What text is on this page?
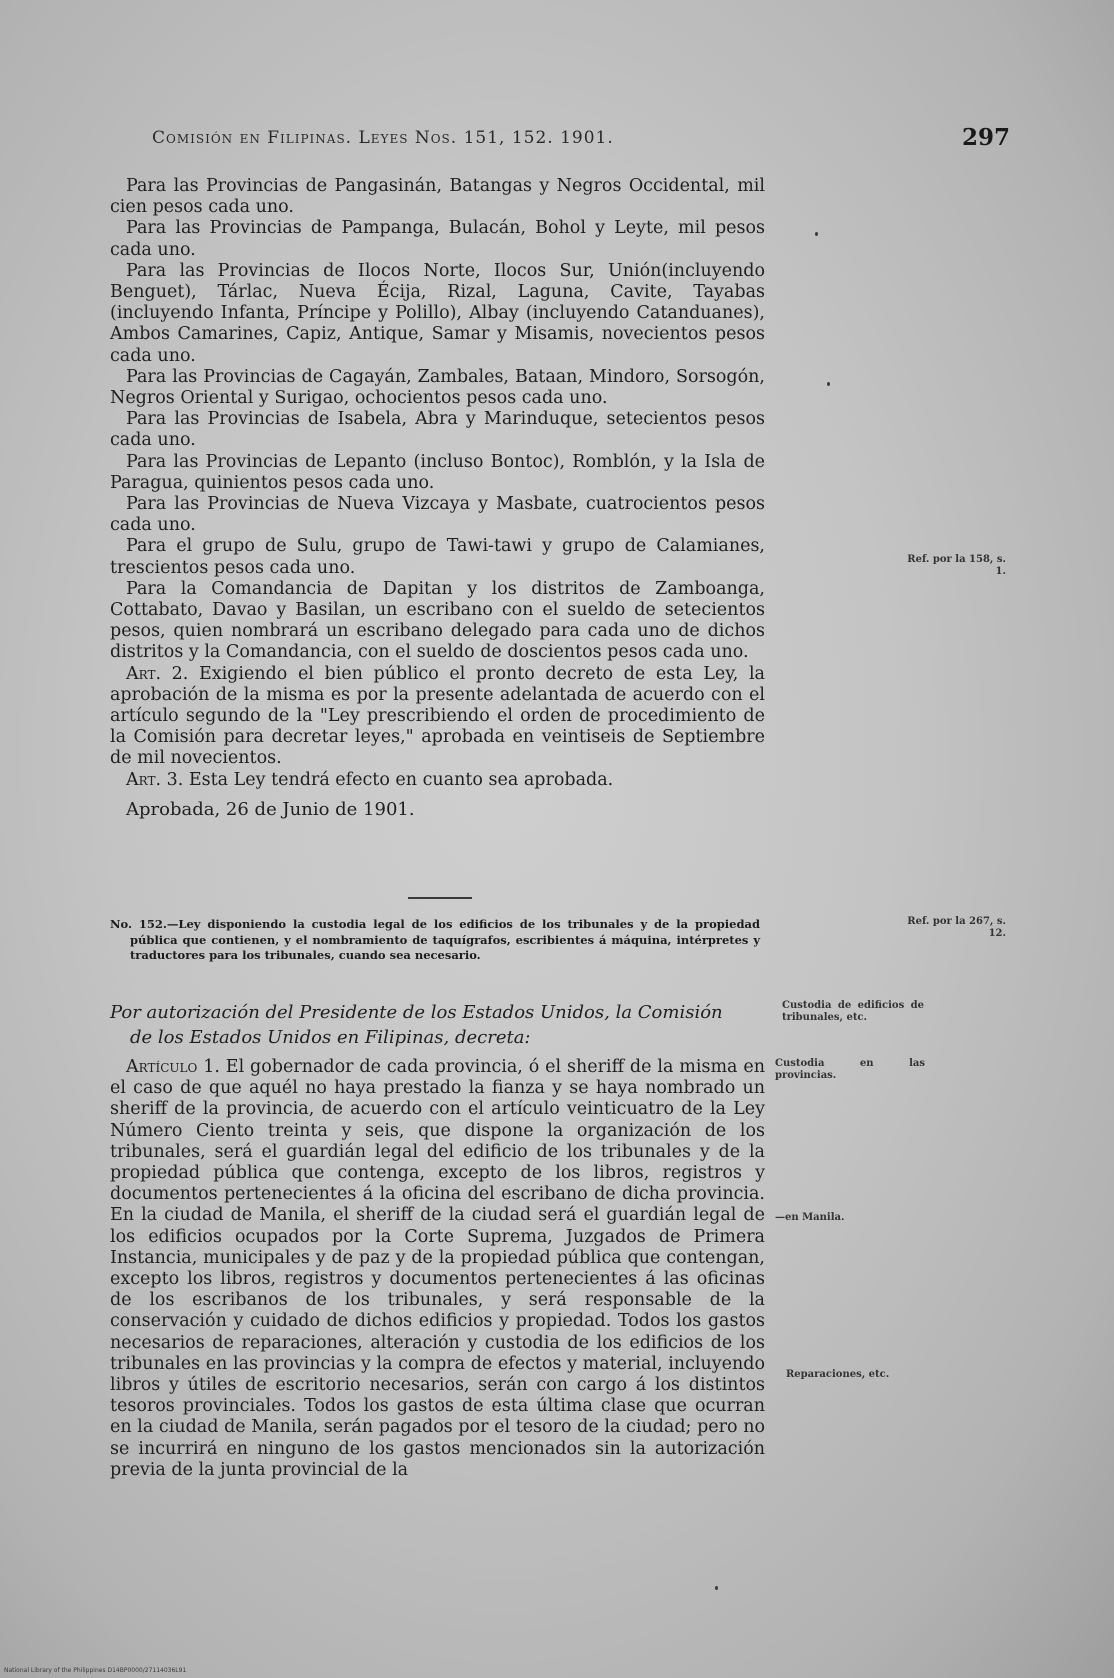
Comisión en Filipinas. Leyes Nos. 151, 152. 1901.	297

Para las Provincias de Pangasinán, Batangas y Negros Occidental, mil cien pesos cada uno.

Para las Provincias de Pampanga, Bulacán, Bohol y Leyte, mil pesos cada uno.

Para las Provincias de Ilocos Norte, Ilocos Sur, Unión(incluyendo Benguet), Tárlac, Nueva Écija, Rizal, Laguna, Cavite, Tayabas (incluyendo Infanta, Príncipe y Polillo), Albay (incluyendo Catanduanes), Ambos Camarines, Capiz, Antique, Samar y Misamis, novecientos pesos cada uno.

Para las Provincias de Cagayán, Zambales, Bataan, Mindoro, Sorsogón, Negros Oriental y Surigao, ochocientos pesos cada uno.

Para las Provincias de Isabela, Abra y Marinduque, setecientos pesos cada uno.

Para las Provincias de Lepanto (incluso Bontoc), Romblón, y la Isla de Paragua, quinientos pesos cada uno.

Para las Provincias de Nueva Vizcaya y Masbate, cuatrocientos pesos cada uno.

Para el grupo de Sulu, grupo de Tawi-tawi y grupo de Calamianes, trescientos pesos cada uno.

Para la Comandancia de Dapitan y los distritos de Zamboanga, Cottabato, Davao y Basilan, un escribano con el sueldo de setecientos pesos, quien nombrará un escribano delegado para cada uno de dichos distritos y la Comandancia, con el sueldo de doscientos pesos cada uno.

Art. 2. Exigiendo el bien público el pronto decreto de esta Ley, la aprobación de la misma es por la presente adelantada de acuerdo con el artículo segundo de la "Ley prescribiendo el orden de procedimiento de la Comisión para decretar leyes," aprobada en veintiseis de Septiembre de mil novecientos.

Art. 3. Esta Ley tendrá efecto en cuanto sea aprobada.

Aprobada, 26 de Junio de 1901.

No. 152.—Ley disponiendo la custodia legal de los edificios de los tribunales y de la propiedad pública que contienen, y el nombramiento de taquígrafos, escribientes á máquina, intérpretes y traductores para los tribunales, cuando sea necesario.
Por autorización del Presidente de los Estados Unidos, la Comisión
de los Estados Unidos en Filipinas, decreta:

Artículo 1. El gobernador de cada provincia, ó el sheriff de la misma en el caso de que aquél no haya prestado la fianza y se haya nombrado un sheriff de la provincia, de acuerdo con el artículo veinticuatro de la Ley Número Ciento treinta y seis, que dispone la organización de los tribunales, será el guardián legal del edificio de los tribunales y de la propiedad pública que contenga, excepto de los libros, registros y documentos pertenecientes á la oficina del escribano de dicha provincia. En la ciudad de Manila, el sheriff de la ciudad será el guardián legal de los edificios ocupados por la Corte Suprema, Juzgados de Primera Instancia, municipales y de paz y de la propiedad pública que contengan, excepto los libros, registros y documentos pertenecientes á las oficinas de los escribanos de los tribunales, y será responsable de la conservación y cuidado de dichos edificios y propiedad. Todos los gastos necesarios de reparaciones, alteración y custodia de los edificios de los tribunales en las provincias y la compra de efectos y material, incluyendo libros y útiles de escritorio necesarios, serán con cargo á los distintos tesoros provinciales. Todos los gastos de esta última clase que ocurran en la ciudad de Manila, serán pagados por el tesoro de la ciudad; pero no se incurrirá en ninguno de los gastos mencionados sin la autorización previa de la junta provincial de la

Ref. por la 158, s. 1.
Ref. por la 267, s. 12.
Custodia de edificios de tribunales, etc.
Custodia en las provincias.
—en Manila.
Reparaciones, etc.
National Library of the Philippines D14BP0000/27114036L91
